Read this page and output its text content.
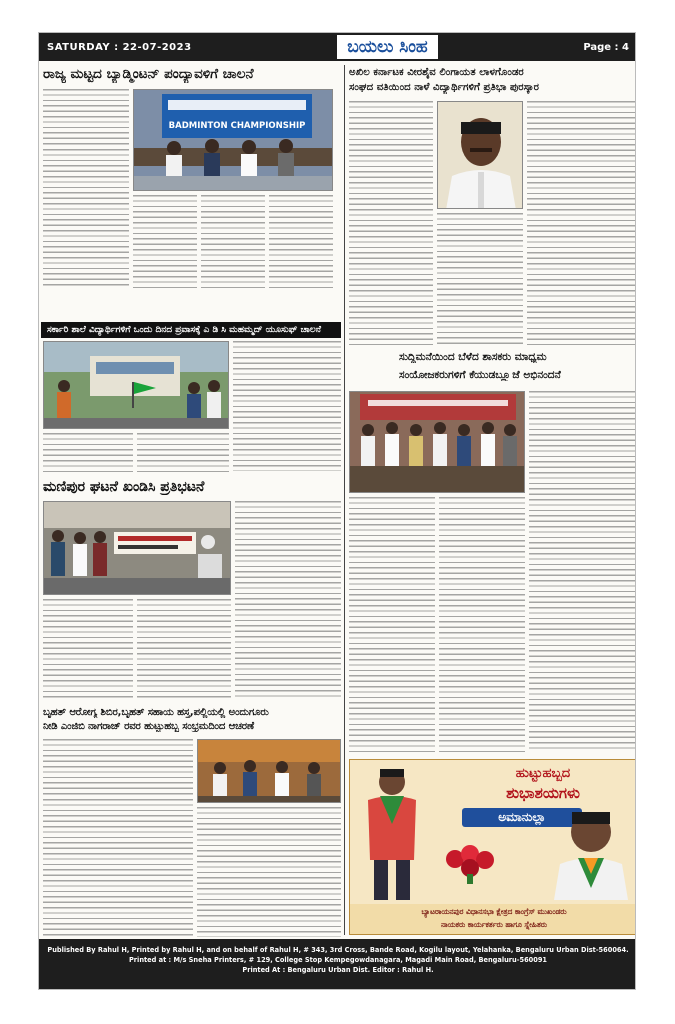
SATURDAY : 22-07-2023	ಬಯಲು ಸಿಂಹ	Page : 4
ರಾಜ್ಯ ಮಟ್ಟದ ಬ್ಯಾಡ್ಮಿಂಟನ್ ಪಂದ್ಯಾವಳಿಗೆ ಚಾಲನೆ
BADMINTON CHAMPIONSHIP
ಸರ್ಕಾರಿ ಶಾಲೆ ವಿದ್ಯಾರ್ಥಿಗಳಿಗೆ ಒಂದು ದಿನದ ಪ್ರವಾಸಕ್ಕೆ ಎ ಡಿ ಸಿ ಮಹಮ್ಮದ್ ಯೂಸುಫ್ ಚಾಲನೆ
ಮಣಿಪುರ ಘಟನೆ ಖಂಡಿಸಿ ಪ್ರತಿಭಟನೆ
ಬೃಹತ್ ಆರೋಗ್ಯ ಶಿಬಿರ,ಬೃಹತ್ ಸಹಾಯ ಹಸ್ತ,ಪಲ್ಲಿಯಲ್ಲಿ ಅಂದುಗೂರು
ನೀಡಿ ಎಂಜಿಬಿ ನಾಗರಾಜ್ ರವರ ಹುಟ್ಟುಹಬ್ಬ ಸಂಭ್ರಮದಿಂದ ಆಚರಣೆ
ಅಖಿಲ ಕರ್ನಾಟಕ ವೀರಶೈವ ಲಿಂಗಾಯತ ಲಾಳಗೊಂಡರ
ಸಂಘದ ವತಿಯಿಂದ ನಾಳೆ ವಿದ್ಯಾರ್ಥಿಗಳಿಗೆ ಪ್ರತಿಭಾ ಪುರಸ್ಕಾರ
ಸುದ್ದಿಮನೆಯಿಂದ ಬೆಳೆದ ಶಾಸಕರು ಮಾಧ್ಯಮ
ಸಂಯೋಜಕರುಗಳಿಗೆ ಕೆಯುಡಬ್ಲ್ಯೂಜೆ ಅಭಿನಂದನೆ
ಹುಟ್ಟುಹಬ್ಬದ
ಶುಭಾಶಯಗಳು
ಅಮಾನುಲ್ಲಾ
ಬ್ಯಾಟರಾಯನಪುರ ವಿಧಾನಸಭಾ ಕ್ಷೇತ್ರದ ಕಾಂಗ್ರೆಸ್ ಮುಖಂಡರು
ನಾಯಕರು ಕಾರ್ಯಕರ್ತರು ಹಾಗೂ ಸ್ನೇಹಿತರು
Published By Rahul H, Printed by Rahul H, and on behalf of Rahul H, # 343, 3rd Cross, Bande Road, Kogilu layout, Yelahanka, Bengaluru Urban Dist-560064.
Printed at : M/s Sneha Printers, # 129, College Stop Kempegowdanagara, Magadi Main Road, Bengaluru-560091
Printed At : Bengaluru Urban Dist. Editor : Rahul H.
